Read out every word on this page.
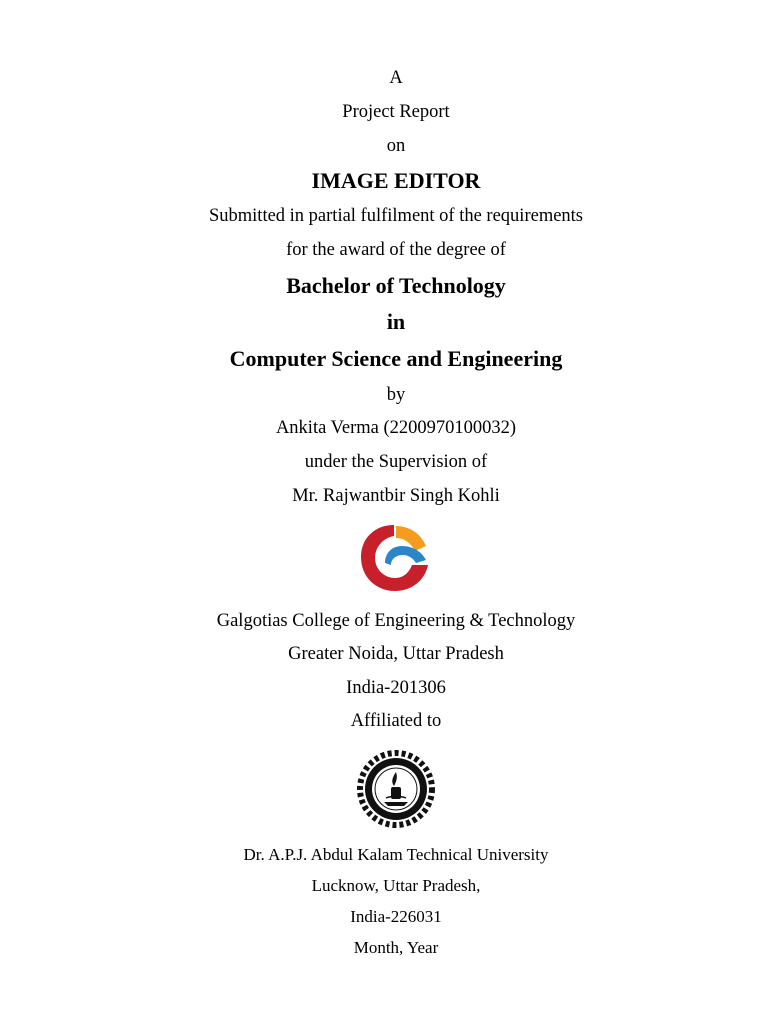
A
Project Report
on
IMAGE EDITOR
Submitted in partial fulfilment of the requirements
for the award of the degree of
Bachelor of Technology
in
Computer Science and Engineering
by
Ankita Verma (2200970100032)
under the Supervision of
Mr. Rajwantbir Singh Kohli
Galgotias College of Engineering & Technology
Greater Noida, Uttar Pradesh
India-201306
Affiliated to
Dr. A.P.J. Abdul Kalam Technical University
Lucknow, Uttar Pradesh,
India-226031
Month, Year
